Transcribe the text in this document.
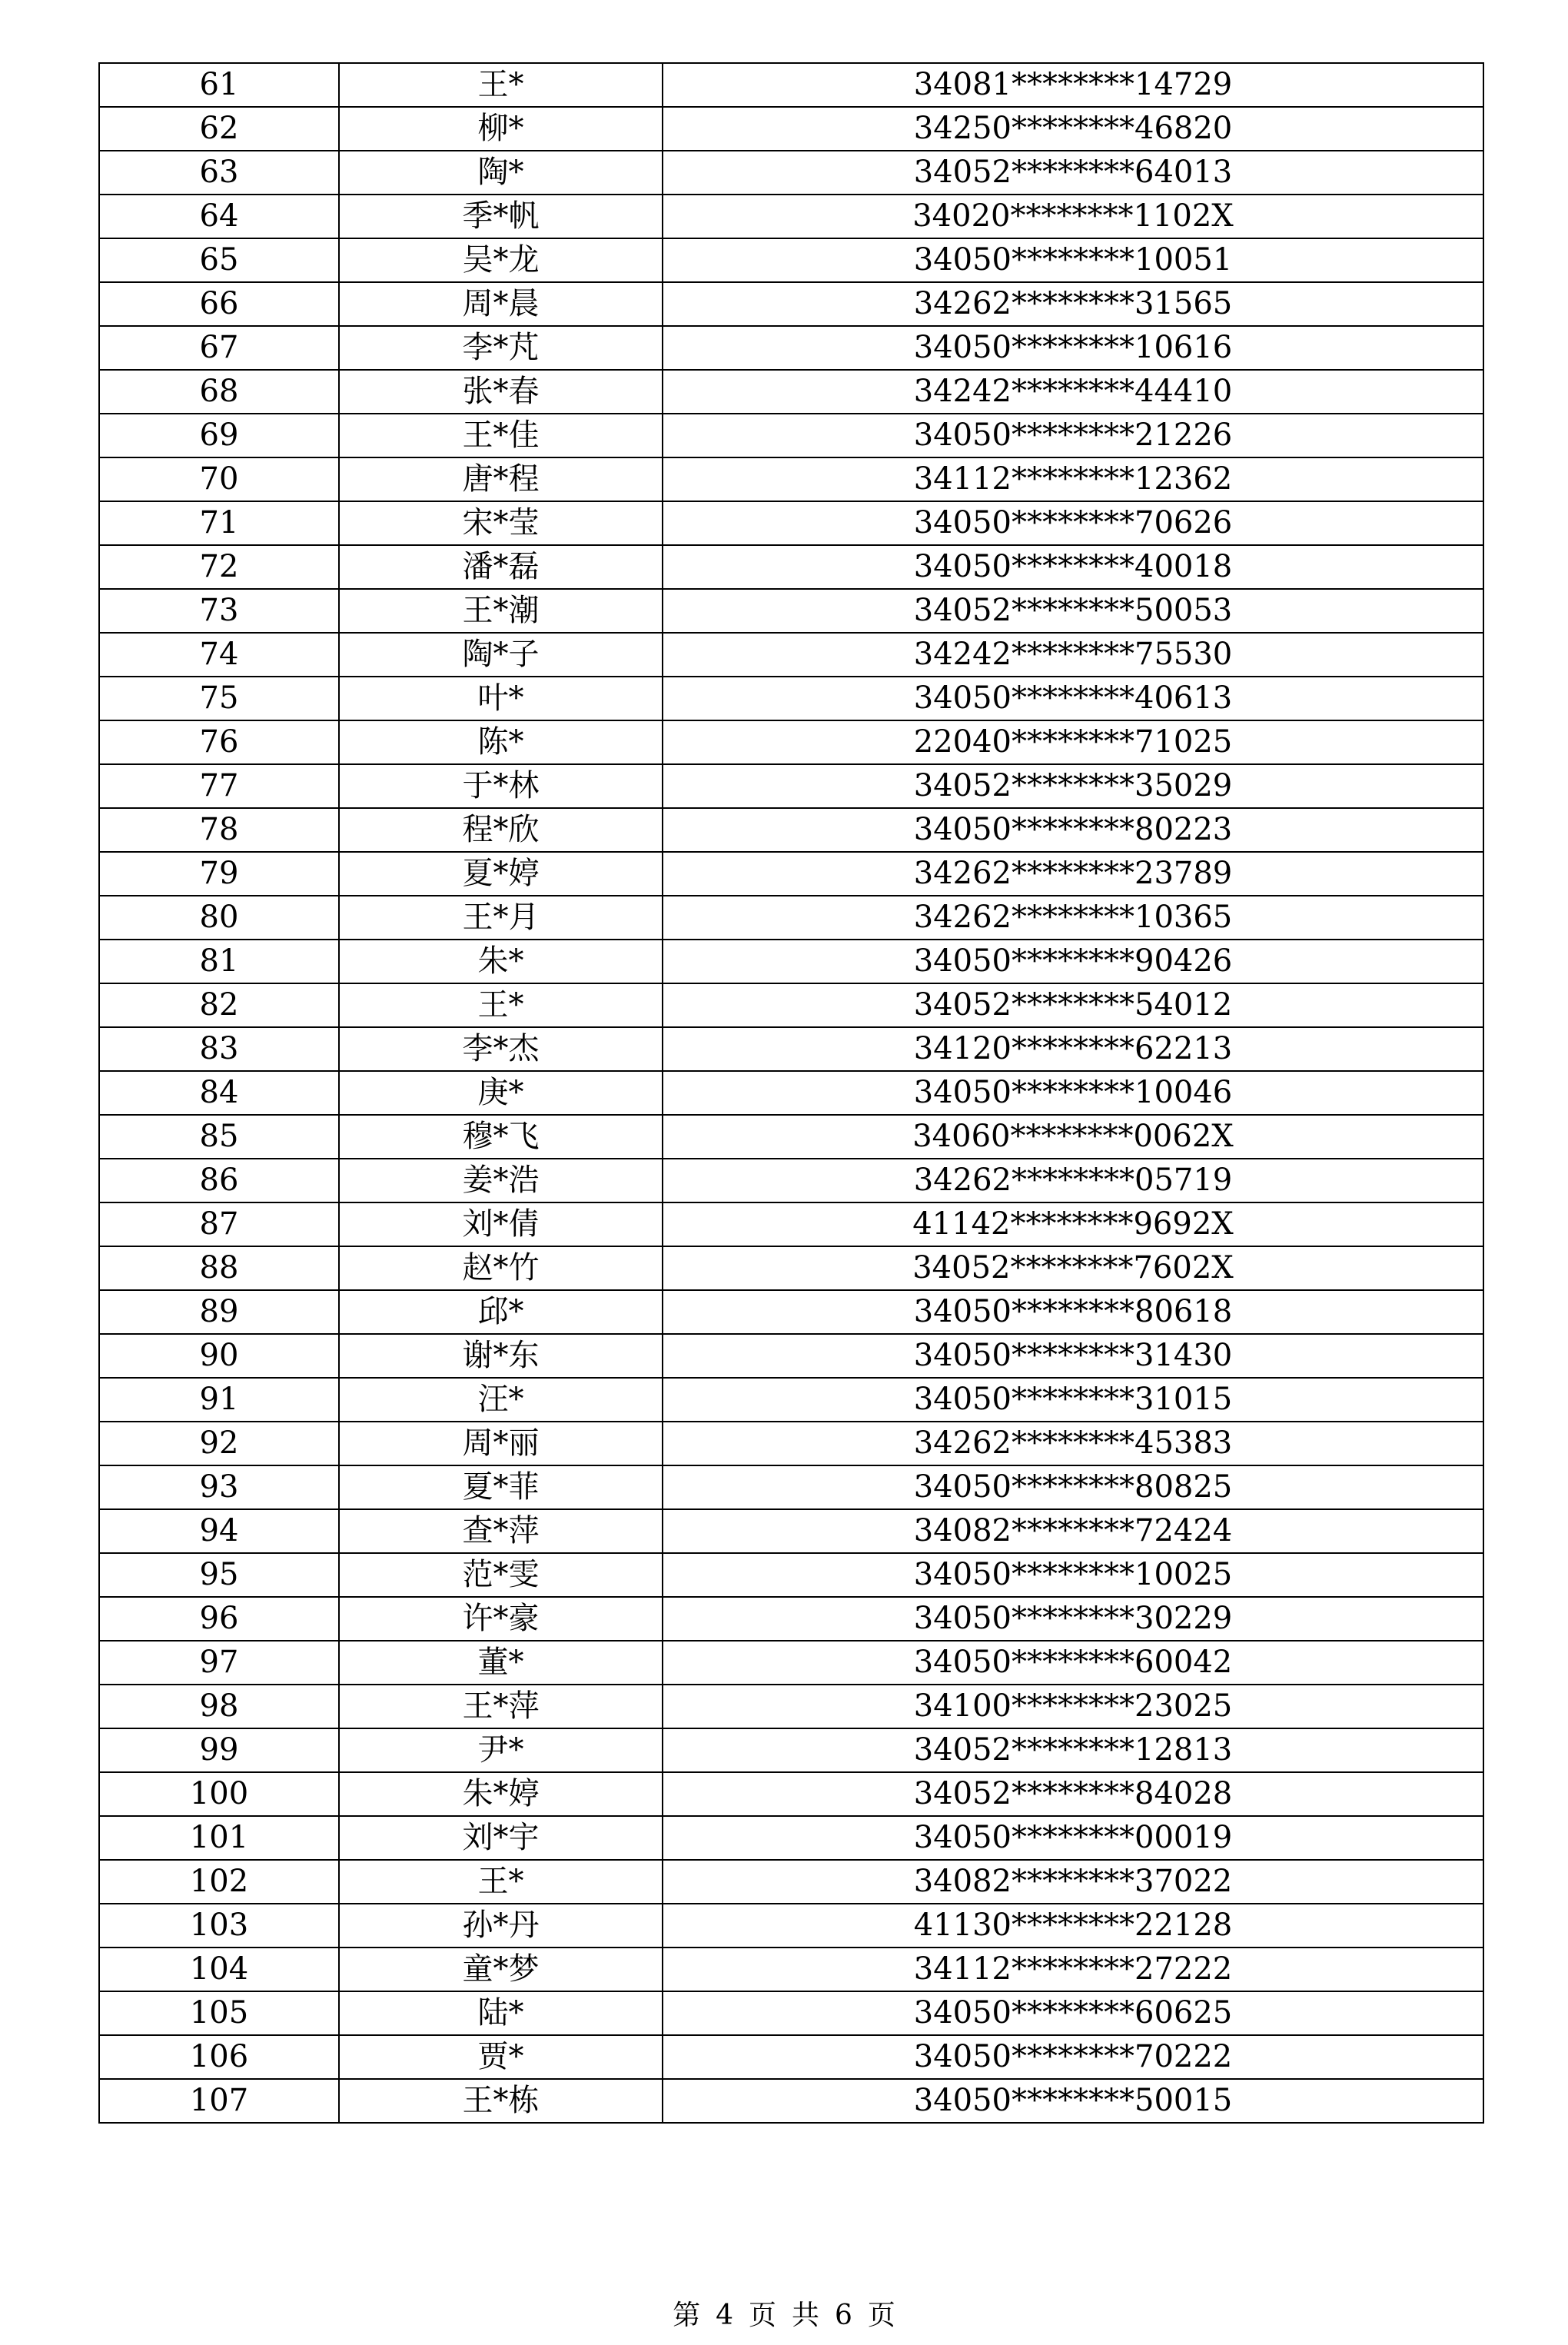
61	王*	34081********14729
62	柳*	34250********46820
63	陶*	34052********64013
64	季*帆	34020********1102X
65	吴*龙	34050********10051
66	周*晨	34262********31565
67	李*芃	34050********10616
68	张*春	34242********44410
69	王*佳	34050********21226
70	唐*程	34112********12362
71	宋*莹	34050********70626
72	潘*磊	34050********40018
73	王*潮	34052********50053
74	陶*子	34242********75530
75	叶*	34050********40613
76	陈*	22040********71025
77	于*林	34052********35029
78	程*欣	34050********80223
79	夏*婷	34262********23789
80	王*月	34262********10365
81	朱*	34050********90426
82	王*	34052********54012
83	李*杰	34120********62213
84	庚*	34050********10046
85	穆*飞	34060********0062X
86	姜*浩	34262********05719
87	刘*倩	41142********9692X
88	赵*竹	34052********7602X
89	邱*	34050********80618
90	谢*东	34050********31430
91	汪*	34050********31015
92	周*丽	34262********45383
93	夏*菲	34050********80825
94	查*萍	34082********72424
95	范*雯	34050********10025
96	许*豪	34050********30229
97	董*	34050********60042
98	王*萍	34100********23025
99	尹*	34052********12813
100	朱*婷	34052********84028
101	刘*宇	34050********00019
102	王*	34082********37022
103	孙*丹	41130********22128
104	童*梦	34112********27222
105	陆*	34050********60625
106	贾*	34050********70222
107	王*栋	34050********50015
第 4 页 共 6 页
